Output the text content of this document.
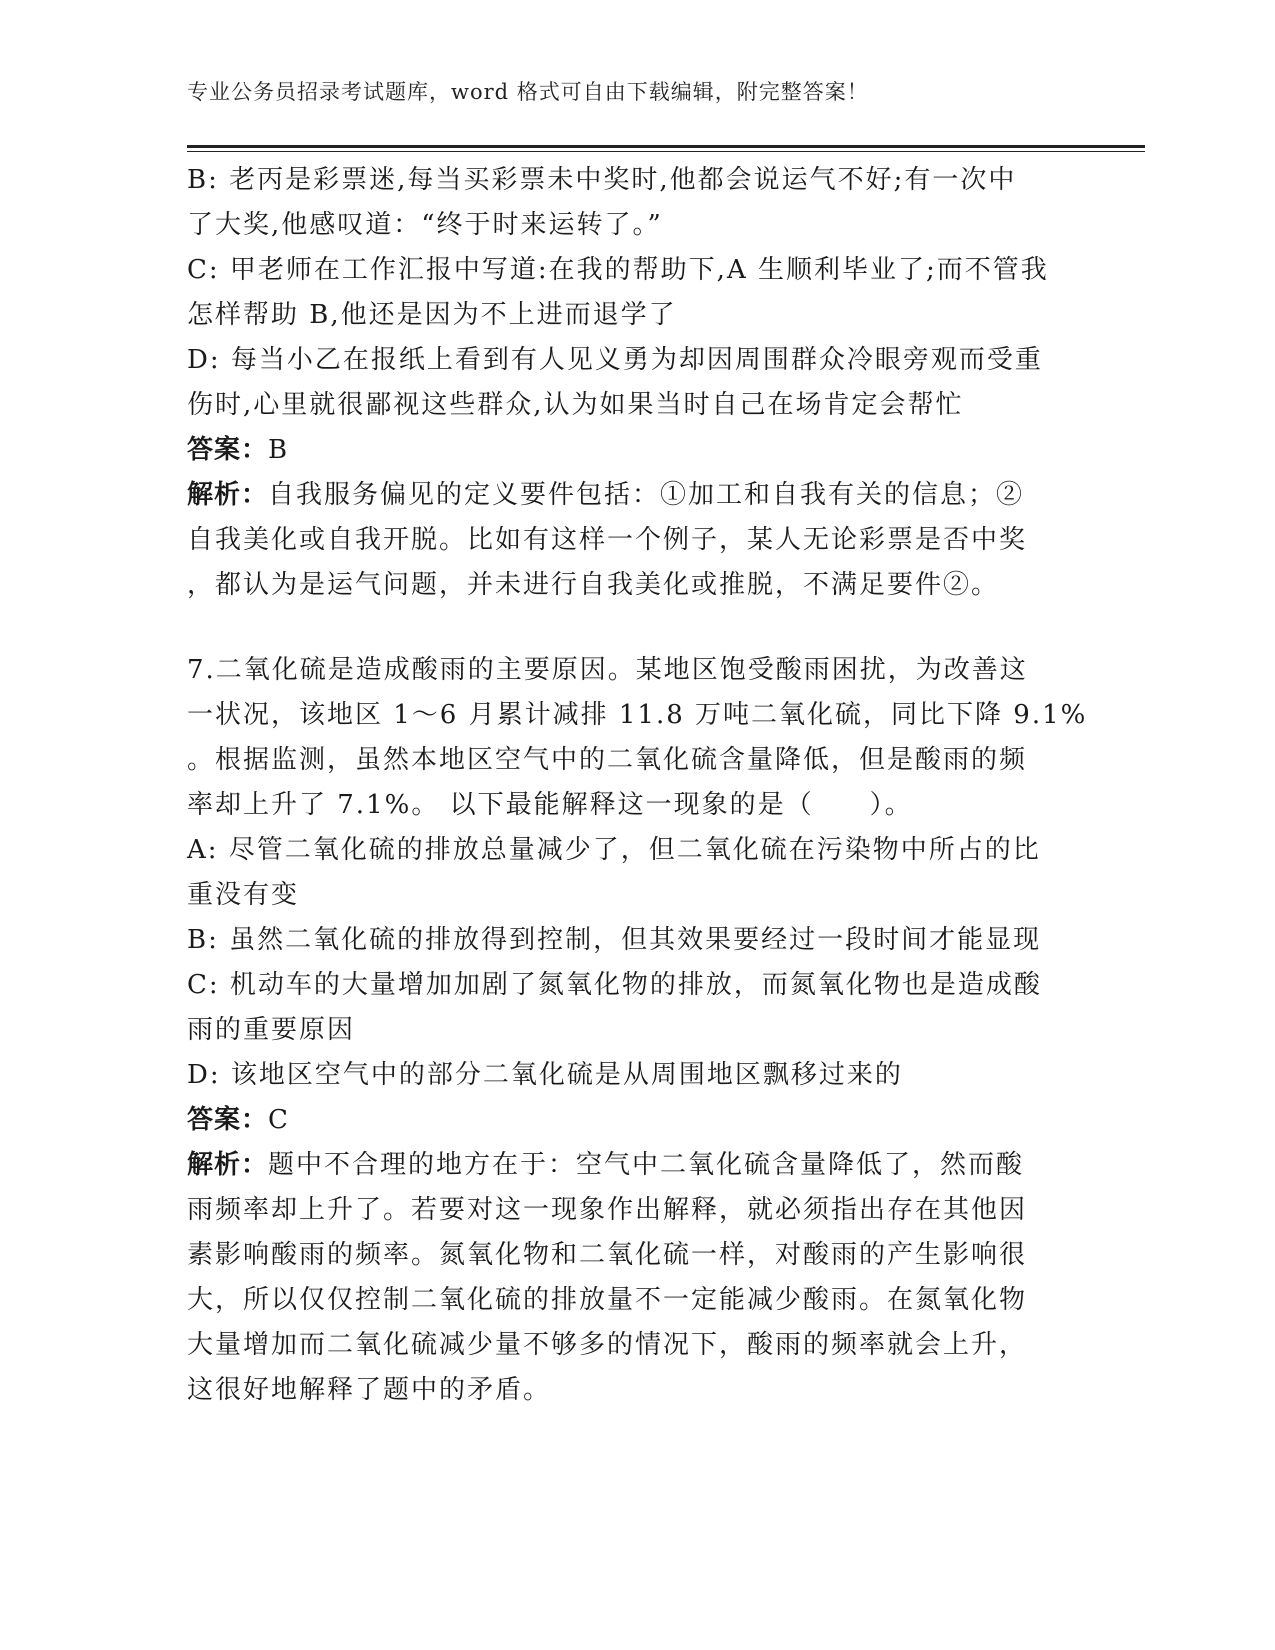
专业公务员招录考试题库，word 格式可自由下载编辑，附完整答案！
B: 老丙是彩票迷,每当买彩票未中奖时,他都会说运气不好;有一次中
了大奖,他感叹道：“终于时来运转了。”
C: 甲老师在工作汇报中写道:在我的帮助下,A 生顺利毕业了;而不管我
怎样帮助 B,他还是因为不上进而退学了
D: 每当小乙在报纸上看到有人见义勇为却因周围群众冷眼旁观而受重
伤时,心里就很鄙视这些群众,认为如果当时自己在场肯定会帮忙
答案：B
解析：自我服务偏见的定义要件包括：①加工和自我有关的信息；②
自我美化或自我开脱。比如有这样一个例子，某人无论彩票是否中奖
，都认为是运气问题，并未进行自我美化或推脱，不满足要件②。
7.二氧化硫是造成酸雨的主要原因。某地区饱受酸雨困扰，为改善这
一状况，该地区 1～6 月累计减排 11.8 万吨二氧化硫，同比下降 9.1%
。根据监测，虽然本地区空气中的二氧化硫含量降低，但是酸雨的频
率却上升了 7.1%。 以下最能解释这一现象的是（　　）。
A: 尽管二氧化硫的排放总量减少了，但二氧化硫在污染物中所占的比
重没有变
B: 虽然二氧化硫的排放得到控制，但其效果要经过一段时间才能显现
C: 机动车的大量增加加剧了氮氧化物的排放，而氮氧化物也是造成酸
雨的重要原因
D: 该地区空气中的部分二氧化硫是从周围地区飘移过来的
答案：C
解析：题中不合理的地方在于：空气中二氧化硫含量降低了，然而酸
雨频率却上升了。若要对这一现象作出解释，就必须指出存在其他因
素影响酸雨的频率。氮氧化物和二氧化硫一样，对酸雨的产生影响很
大，所以仅仅控制二氧化硫的排放量不一定能减少酸雨。在氮氧化物
大量增加而二氧化硫减少量不够多的情况下，酸雨的频率就会上升，
这很好地解释了题中的矛盾。
